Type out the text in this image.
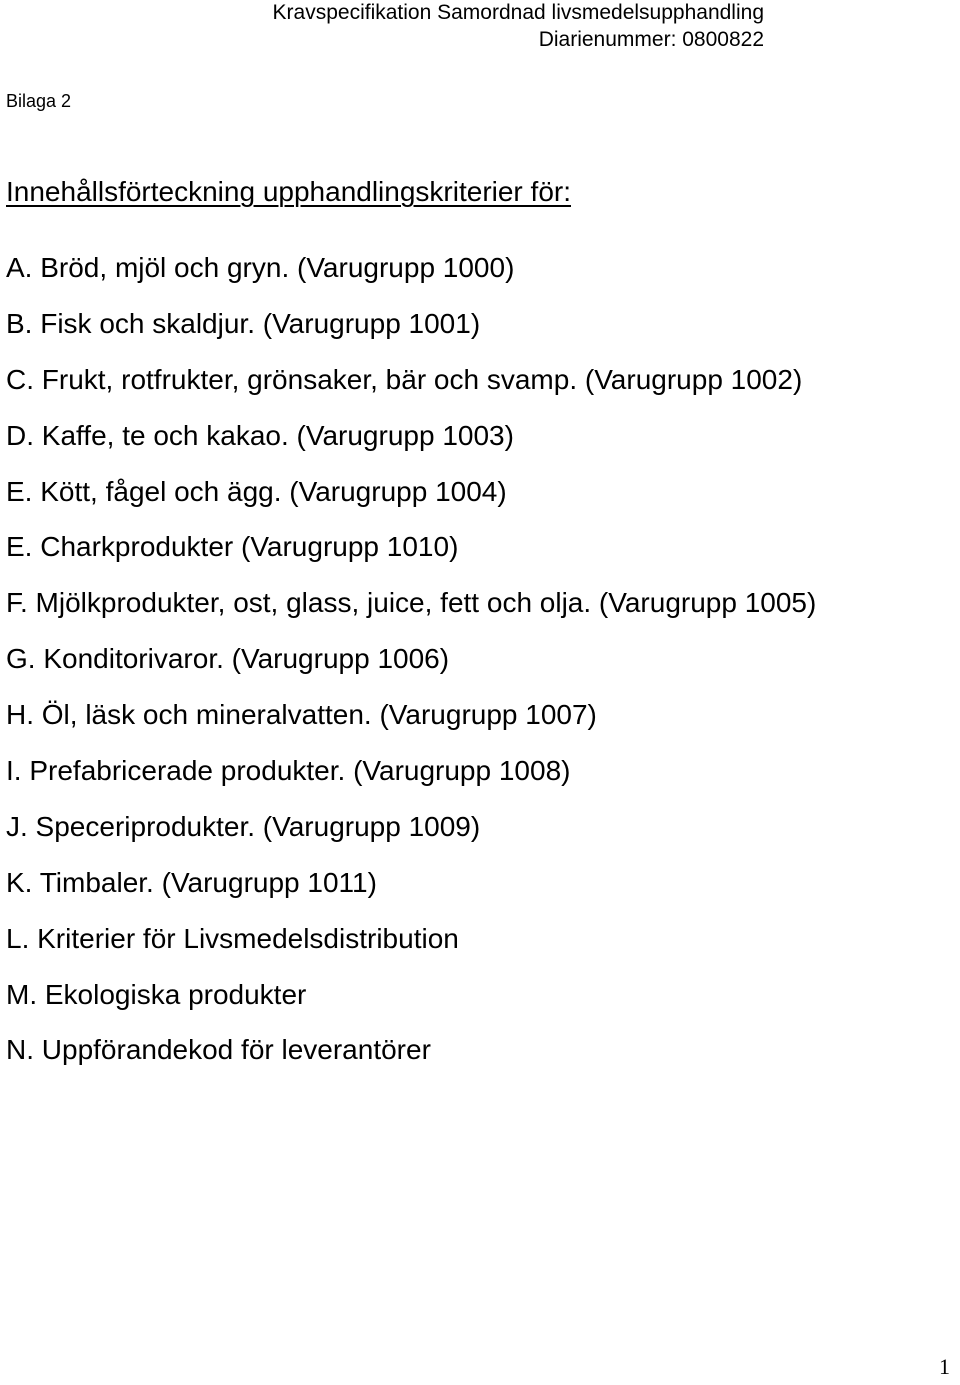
Kravspecifikation Samordnad livsmedelsupphandling
Diarienummer: 0800822
Bilaga 2
Innehållsförteckning upphandlingskriterier för:
A. Bröd, mjöl och gryn. (Varugrupp 1000)
B. Fisk och skaldjur. (Varugrupp 1001)
C. Frukt, rotfrukter, grönsaker, bär och svamp. (Varugrupp 1002)
D. Kaffe, te och kakao. (Varugrupp 1003)
E. Kött, fågel och ägg. (Varugrupp 1004)
E. Charkprodukter (Varugrupp 1010)
F. Mjölkprodukter, ost, glass, juice, fett och olja. (Varugrupp 1005)
G. Konditorivaror. (Varugrupp 1006)
H. Öl, läsk och mineralvatten. (Varugrupp 1007)
I. Prefabricerade produkter. (Varugrupp 1008)
J. Speceriprodukter. (Varugrupp 1009)
K. Timbaler. (Varugrupp 1011)
L. Kriterier för Livsmedelsdistribution
M. Ekologiska produkter
N. Uppförandekod för leverantörer
1
